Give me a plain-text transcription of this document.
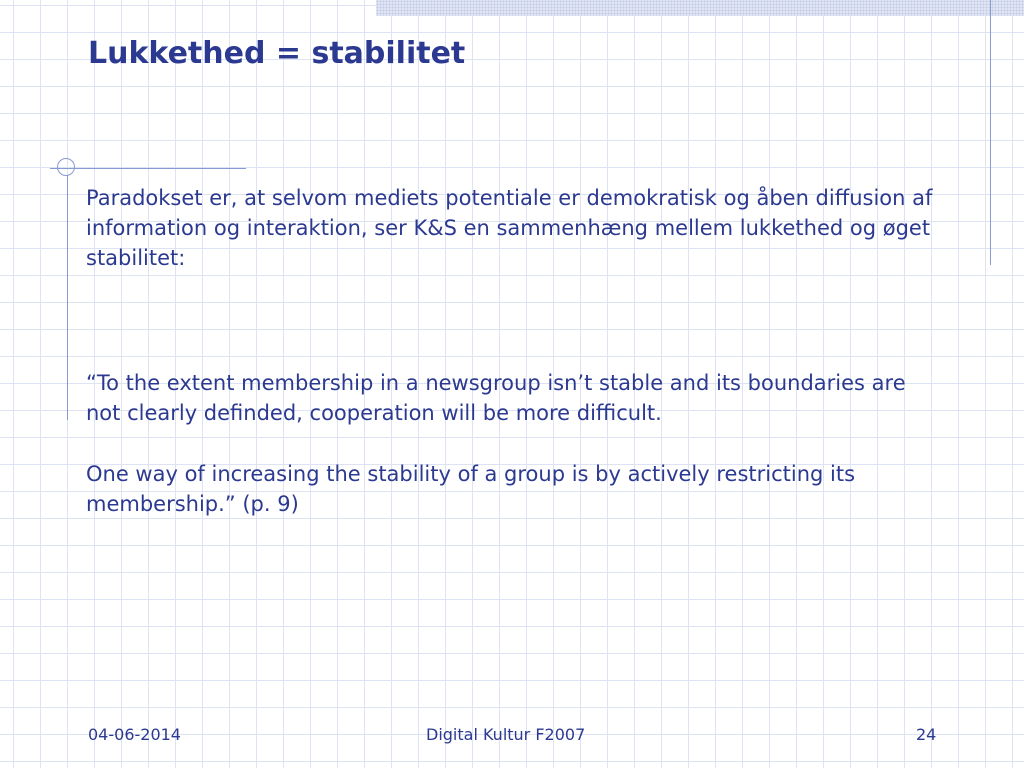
Lukkethed = stabilitet

Paradokset er, at selvom mediets potentiale er demokratisk og åben diffusion af information og interaktion, ser K&S en sammenhæng mellem lukkethed og øget stabilitet:

“To the extent membership in a newsgroup isn’t stable and its boundaries are not clearly definded, cooperation will be more difficult.

One way of increasing the stability of a group is by actively restricting its membership.” (p. 9)

04-06-2014	Digital Kultur F2007	24
